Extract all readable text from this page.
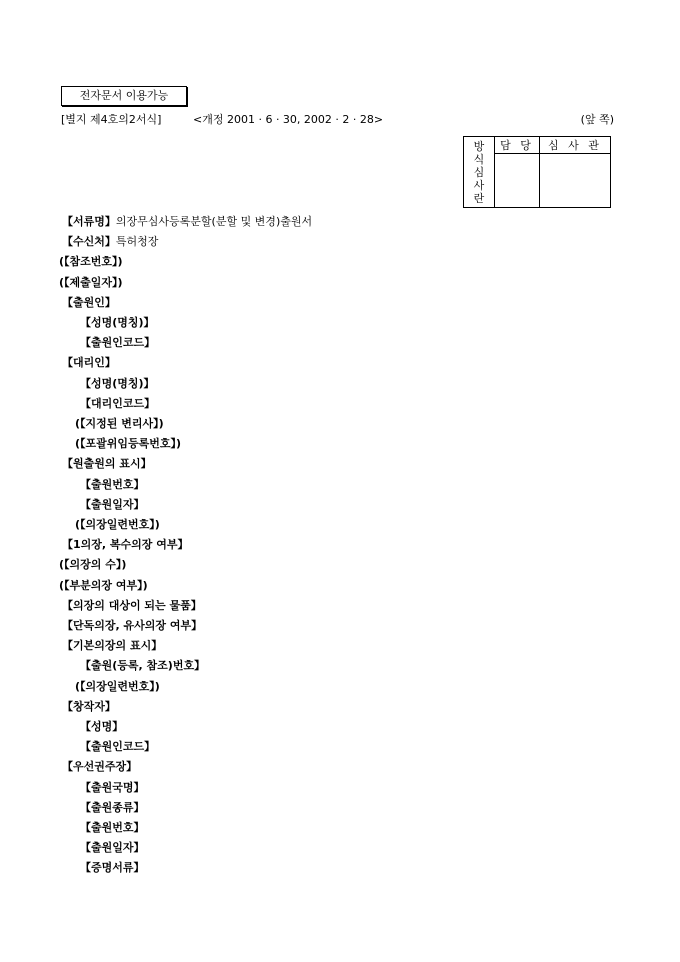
전자문서 이용가능
[별지 제4호의2서식]	<개정 2001 · 6 · 30, 2002 · 2 · 28>	(앞 쪽)
방
식
심
사
란	담 당	심 사 관

【서류명】의장무심사등록분할(분할 및 변경)출원서
【수신처】특허청장
(【참조번호】)
(【제출일자】)
【출원인】
【성명(명칭)】
【출원인코드】
【대리인】
【성명(명칭)】
【대리인코드】
(【지정된 변리사】)
(【포괄위임등록번호】)
【원출원의 표시】
【출원번호】
【출원일자】
(【의장일련번호】)
【1의장, 복수의장 여부】
(【의장의 수】)
(【부분의장 여부】)
【의장의 대상이 되는 물품】
【단독의장, 유사의장 여부】
【기본의장의 표시】
【출원(등록, 참조)번호】
(【의장일련번호】)
【창작자】
【성명】
【출원인코드】
【우선권주장】
【출원국명】
【출원종류】
【출원번호】
【출원일자】
【증명서류】
